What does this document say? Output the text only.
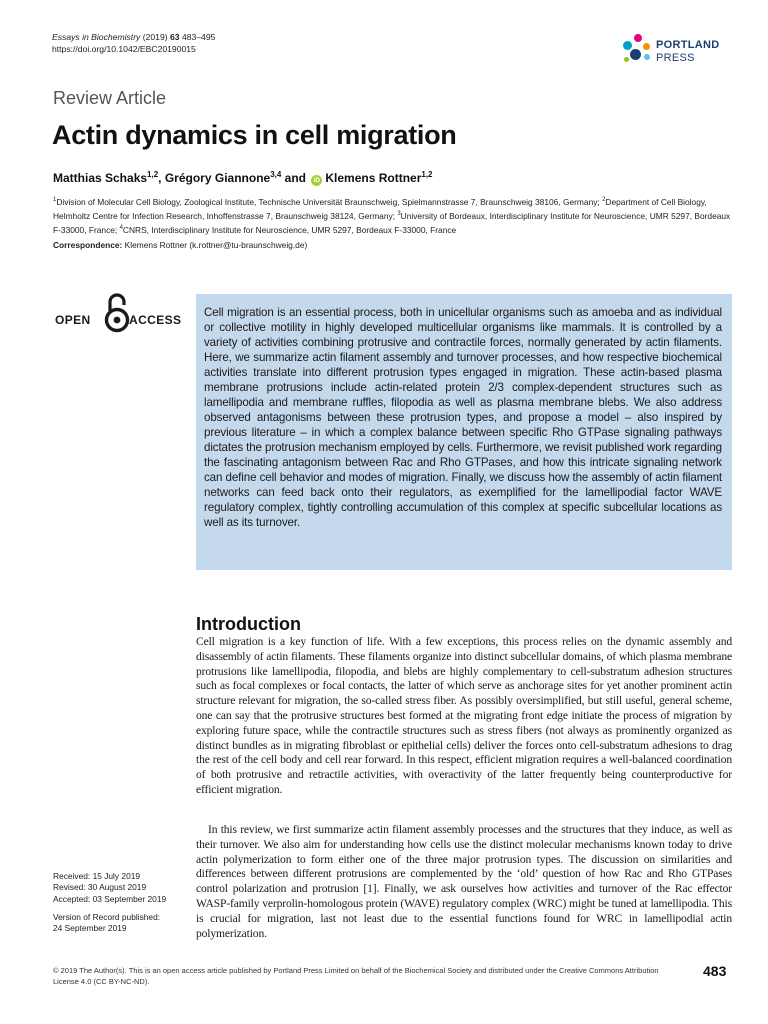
Essays in Biochemistry (2019) 63 483–495
https://doi.org/10.1042/EBC20190015	PORTLAND
PRESS
Review Article
Actin dynamics in cell migration
Matthias Schaks$^{1,2}$, Grégory Giannone$^{3,4}$ and iD Klemens Rottner$^{1,2}$
$^1$Division of Molecular Cell Biology, Zoological Institute, Technische Universität Braunschweig, Spielmannstrasse 7, Braunschweig 38106, Germany; $^2$Department of Cell Biology, Helmholtz Centre for Infection Research, Inhoffenstrasse 7, Braunschweig 38124, Germany; $^3$University of Bordeaux, Interdisciplinary Institute for Neuroscience, UMR 5297, Bordeaux F-33000, France; $^4$CNRS, Interdisciplinary Institute for Neuroscience, UMR 5297, Bordeaux F-33000, France
Correspondence: Klemens Rottner (k.rottner@tu-braunschweig.de)
OPEN	ACCESS
Cell migration is an essential process, both in unicellular organisms such as amoeba and as individual or collective motility in highly developed multicellular organisms like mammals. It is controlled by a variety of activities combining protrusive and contractile forces, normally generated by actin filaments. Here, we summarize actin filament assembly and turnover processes, and how respective biochemical activities translate into different protrusion types engaged in migration. These actin-based plasma membrane protrusions include actin-related protein 2/3 complex-dependent structures such as lamellipodia and membrane ruffles, filopodia as well as plasma membrane blebs. We also address observed antagonisms between these protrusion types, and propose a model – also inspired by previous literature – in which a complex balance between specific Rho GTPase signaling pathways dictates the protrusion mechanism employed by cells. Furthermore, we revisit published work regarding the fascinating antagonism between Rac and Rho GTPases, and how this intricate signaling network can define cell behavior and modes of migration. Finally, we discuss how the assembly of actin filament networks can feed back onto their regulators, as exemplified for the lamellipodial factor WAVE regulatory complex, tightly controlling accumulation of this complex at specific subcellular locations as well as its turnover.
Introduction

Cell migration is a key function of life. With a few exceptions, this process relies on the dynamic assembly and disassembly of actin filaments. These filaments organize into distinct subcellular domains, of which plasma membrane protrusions like lamellipodia, filopodia, and blebs are highly complementary to cell-substratum adhesion structures such as focal complexes or focal contacts, the latter of which serve as anchorage sites for yet another prominent actin structure relevant for migration, the so-called stress fiber. As possibly oversimplified, but still useful, general scheme, one can say that the protrusive structures best formed at the migrating front edge initiate the process of migration by exploring future space, while the contractile structures such as stress fibers (not always as prominently organized as distinct bundles as in migrating fibroblast or epithelial cells) deliver the forces onto cell-substratum adhesions to drag the rest of the cell body and cell rear forward. In this respect, efficient migration requires a well-balanced coordination of both protrusive and retractile activities, with overactivity of the latter frequently being counterproductive for efficient migration.

In this review, we first summarize actin filament assembly processes and the structures that they induce, as well as their turnover. We also aim for understanding how cells use the distinct molecular mechanisms known today to drive actin polymerization to form either one of the three major protrusion types. The discussion on similarities and differences between different protrusions are complemented by the ‘old’ question of how Rac and Rho GTPases control polarization and protrusion [1]. Finally, we ask ourselves how activities and turnover of the Rac effector WASP-family verprolin-homologous protein (WAVE) regulatory complex (WRC) might be tuned at lamellipodia. This is crucial for migration, last not least due to the essential functions found for WRC in lamellipodial actin polymerization.

Received: 15 July 2019
Revised: 30 August 2019
Accepted: 03 September 2019
Version of Record published:
24 September 2019
© 2019 The Author(s). This is an open access article published by Portland Press Limited on behalf of the Biochemical Society and distributed under the Creative Commons Attribution License 4.0 (CC BY-NC-ND).
483
